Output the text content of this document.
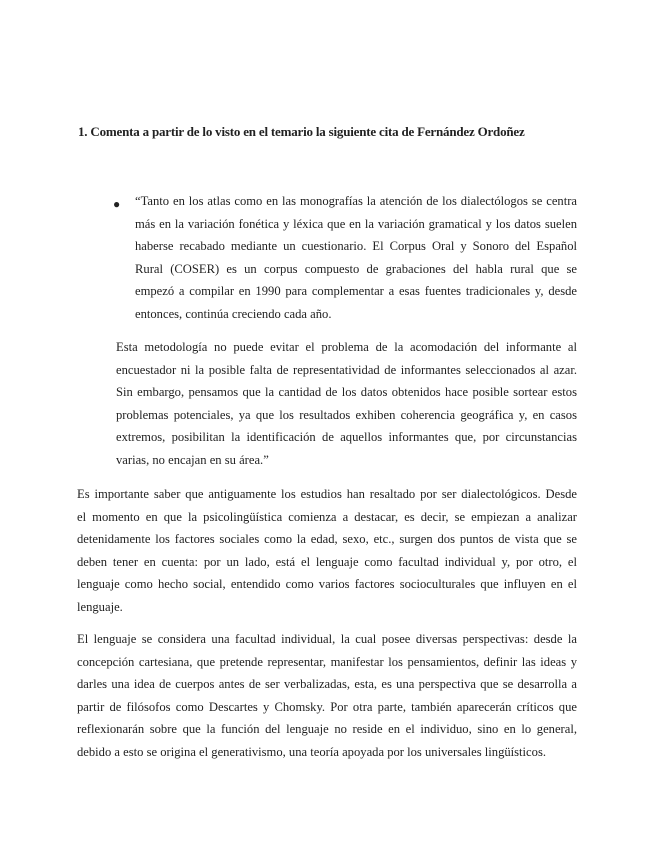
1. Comenta a partir de lo visto en el temario la siguiente cita de Fernández Ordoñez
● “Tanto en los atlas como en las monografías la atención de los dialectólogos se centra
más en la variación fonética y léxica que en la variación gramatical y los datos suelen
haberse recabado mediante un cuestionario. El Corpus Oral y Sonoro del Español
Rural (COSER) es un corpus compuesto de grabaciones del habla rural que se
empezó a compilar en 1990 para complementar a esas fuentes tradicionales y, desde
entonces, continúa creciendo cada año.
Esta metodología no puede evitar el problema de la acomodación del informante al
encuestador ni la posible falta de representatividad de informantes seleccionados al azar.
Sin embargo, pensamos que la cantidad de los datos obtenidos hace posible sortear estos
problemas potenciales, ya que los resultados exhiben coherencia geográfica y, en casos
extremos, posibilitan la identificación de aquellos informantes que, por circunstancias
varias, no encajan en su área.”
Es importante saber que antiguamente los estudios han resaltado por ser dialectológicos. Desde
el momento en que la psicolingüística comienza a destacar, es decir, se empiezan a analizar
detenidamente los factores sociales como la edad, sexo, etc., surgen dos puntos de vista que se
deben tener en cuenta: por un lado, está el lenguaje como facultad individual y, por otro, el
lenguaje como hecho social, entendido como varios factores socioculturales que influyen en el
lenguaje.
El lenguaje se considera una facultad individual, la cual posee diversas perspectivas: desde la
concepción cartesiana, que pretende representar, manifestar los pensamientos, definir las ideas y
darles una idea de cuerpos antes de ser verbalizadas, esta, es una perspectiva que se desarrolla a
partir de filósofos como Descartes y Chomsky. Por otra parte, también aparecerán críticos que
reflexionarán sobre que la función del lenguaje no reside en el individuo, sino en lo general,
debido a esto se origina el generativismo, una teoría apoyada por los universales lingüísticos.
